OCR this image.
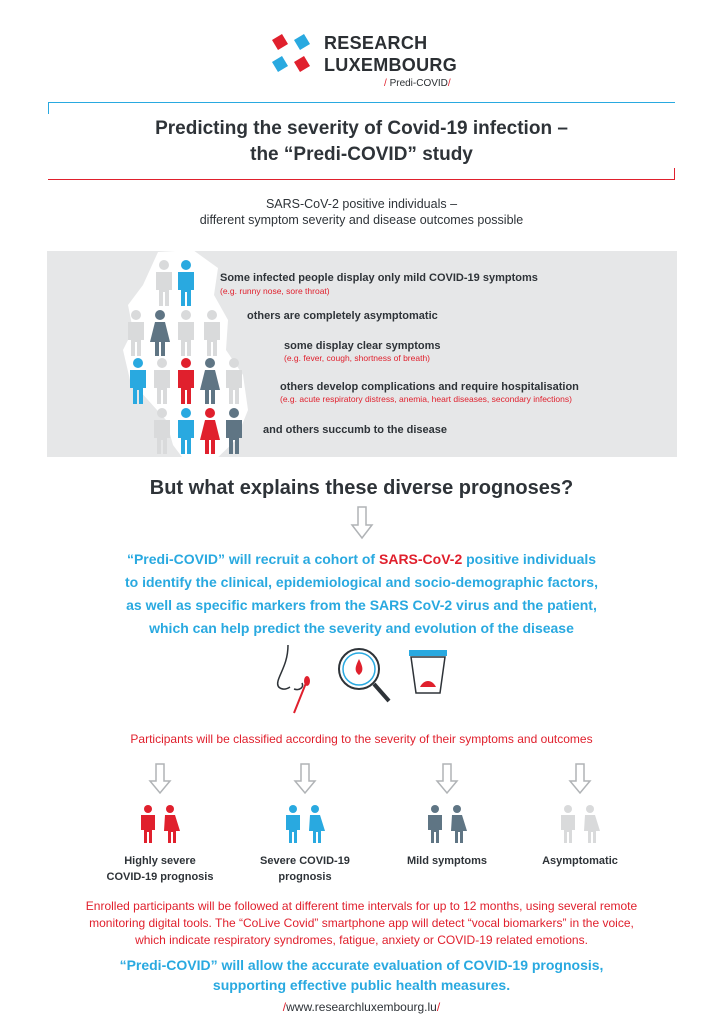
RESEARCH
LUXEMBOURG
/ Predi-COVID/
Predicting the severity of Covid-19 infection –
the “Predi-COVID” study
SARS-CoV-2 positive individuals –
different symptom severity and disease outcomes possible
Some infected people display only mild COVID-19 symptoms
(e.g. runny nose, sore throat)
others are completely asymptomatic
some display clear symptoms
(e.g. fever, cough, shortness of breath)
others develop complications and require hospitalisation
(e.g. acute respiratory distress, anemia, heart diseases, secondary infections)
and others succumb to the disease
But what explains these diverse prognoses?
“Predi-COVID” will recruit a cohort of SARS-CoV-2 positive individuals
to identify the clinical, epidemiological and socio-demographic factors,
as well as specific markers from the SARS CoV-2 virus and the patient,
which can help predict the severity and evolution of the disease
Participants will be classified according to the severity of their symptoms and outcomes
Highly severe
COVID-19 prognosis
Severe COVID-19
prognosis
Mild symptoms	Asymptomatic
Enrolled participants will be followed at different time intervals for up to 12 months, using several remote
monitoring digital tools. The “CoLive Covid” smartphone app will detect “vocal biomarkers” in the voice,
which indicate respiratory syndromes, fatigue, anxiety or COVID-19 related emotions.
“Predi-COVID” will allow the accurate evaluation of COVID-19 prognosis,
supporting effective public health measures.
/www.researchluxembourg.lu/
